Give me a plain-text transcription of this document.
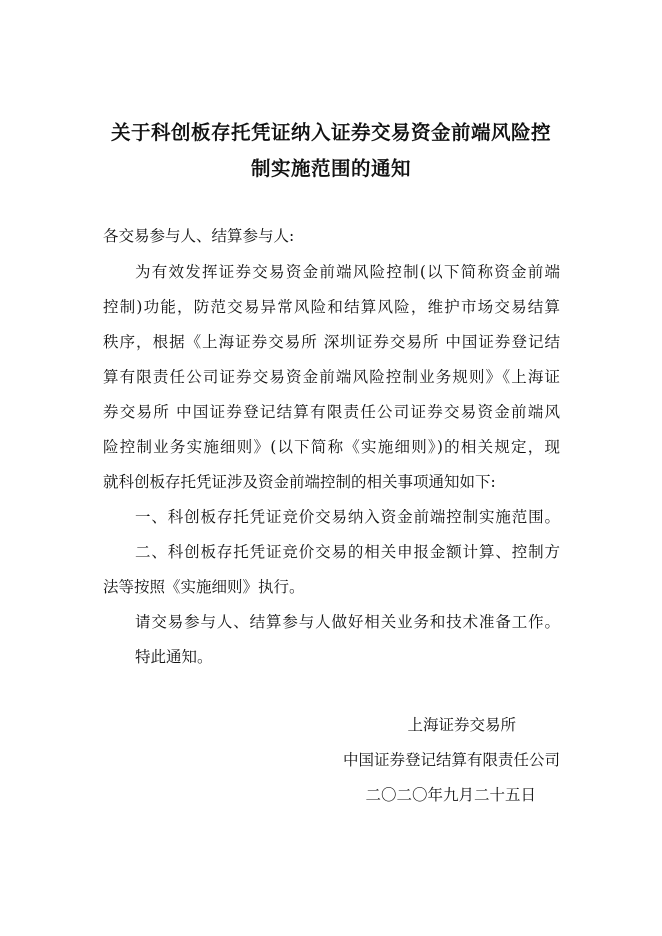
关于科创板存托凭证纳入证券交易资金前端风险控
制实施范围的通知
各交易参与人、结算参与人:
为有效发挥证券交易资金前端风险控制(以下简称资金前端
控制)功能，防范交易异常风险和结算风险，维护市场交易结算
秩序，根据《上海证券交易所 深圳证券交易所 中国证券登记结
算有限责任公司证券交易资金前端风险控制业务规则》《上海证
券交易所 中国证券登记结算有限责任公司证券交易资金前端风
险控制业务实施细则》(以下简称《实施细则》)的相关规定，现
就科创板存托凭证涉及资金前端控制的相关事项通知如下:
一、科创板存托凭证竞价交易纳入资金前端控制实施范围。
二、科创板存托凭证竞价交易的相关申报金额计算、控制方
法等按照《实施细则》执行。
请交易参与人、结算参与人做好相关业务和技术准备工作。
特此通知。
上海证券交易所
中国证券登记结算有限责任公司
二〇二〇年九月二十五日
